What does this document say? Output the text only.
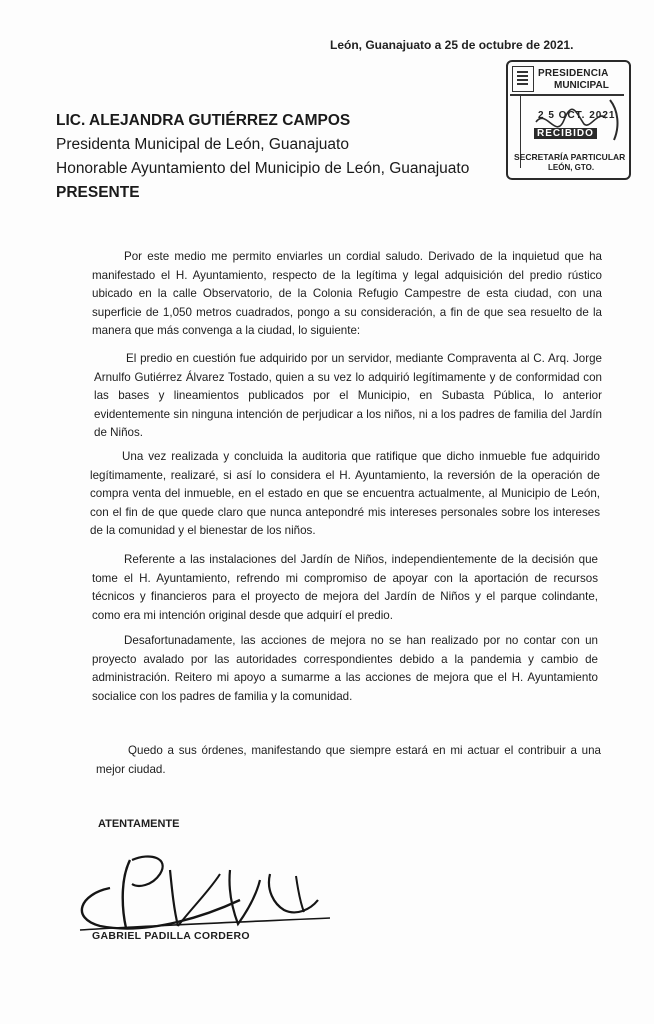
León, Guanajuato a 25 de octubre de 2021.
PRESIDENCIA
MUNICIPAL
2 5 OCT. 2021
RECIBIDO
SECRETARÍA PARTICULAR
LEÓN, GTO.
LIC. ALEJANDRA GUTIÉRREZ CAMPOS
Presidenta Municipal de León, Guanajuato
Honorable Ayuntamiento del Municipio de León, Guanajuato
PRESENTE
Por este medio me permito enviarles un cordial saludo. Derivado de la inquietud que ha manifestado el H. Ayuntamiento, respecto de la legítima y legal adquisición del predio rústico ubicado en la calle Observatorio, de la Colonia Refugio Campestre de esta ciudad, con una superficie de 1,050 metros cuadrados, pongo a su consideración, a fin de que sea resuelto de la manera que más convenga a la ciudad, lo siguiente:
El predio en cuestión fue adquirido por un servidor, mediante Compraventa al C. Arq. Jorge Arnulfo Gutiérrez Álvarez Tostado, quien a su vez lo adquirió legítimamente y de conformidad con las bases y lineamientos publicados por el Municipio, en Subasta Pública, lo anterior evidentemente sin ninguna intención de perjudicar a los niños, ni a los padres de familia del Jardín de Niños.
Una vez realizada y concluida la auditoria que ratifique que dicho inmueble fue adquirido legítimamente, realizaré, si así lo considera el H. Ayuntamiento, la reversión de la operación de compra venta del inmueble, en el estado en que se encuentra actualmente, al Municipio de León, con el fin de que quede claro que nunca antepondré mis intereses personales sobre los intereses de la comunidad y el bienestar de los niños.
Referente a las instalaciones del Jardín de Niños, independientemente de la decisión que tome el H. Ayuntamiento, refrendo mi compromiso de apoyar con la aportación de recursos técnicos y financieros para el proyecto de mejora del Jardín de Niños y el parque colindante, como era mi intención original desde que adquirí el predio.
Desafortunadamente, las acciones de mejora no se han realizado por no contar con un proyecto avalado por las autoridades correspondientes debido a la pandemia y cambio de administración. Reitero mi apoyo a sumarme a las acciones de mejora que el H. Ayuntamiento socialice con los padres de familia y la comunidad.
Quedo a sus órdenes, manifestando que siempre estará en mi actuar el contribuir a una mejor ciudad.
ATENTAMENTE
GABRIEL PADILLA CORDERO
